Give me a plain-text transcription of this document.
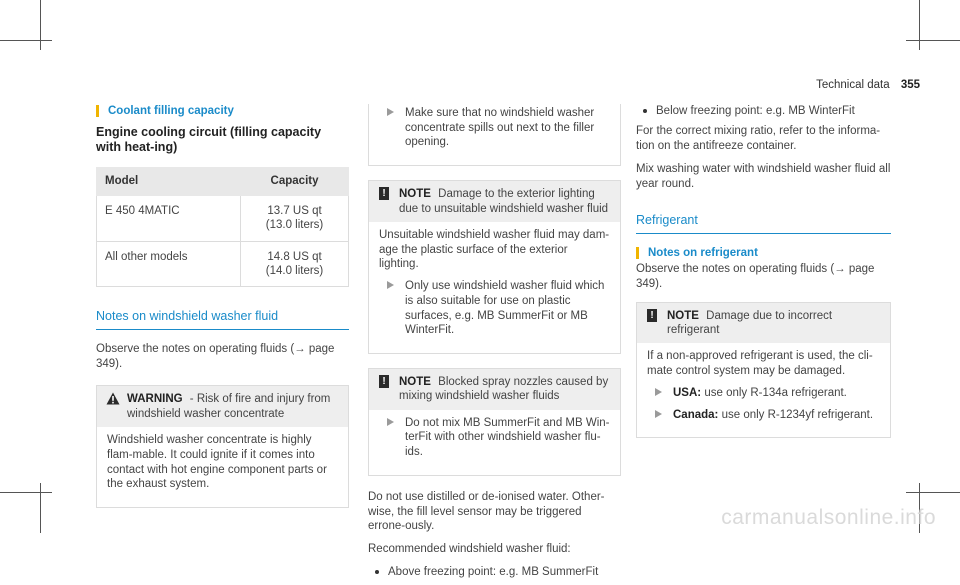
Technical data 355
Coolant filling capacity
Engine cooling circuit (filling capacity with heat-ing)
Model	Capacity
E 450 4MATIC	13.7 US qt
(13.0 liters)

All other models	14.8 US qt
(14.0 liters)
Notes on windshield washer fluid

Observe the notes on operating fluids (→ page 349).

WARNING - Risk of fire and injury from windshield washer concentrate

Windshield washer concentrate is highly flam-mable. It could ignite if it comes into contact with hot engine component parts or the exhaust system.

Make sure that no windshield washer concentrate spills out next to the filler opening.
! NOTE Damage to the exterior lighting due to unsuitable windshield washer fluid

Unsuitable windshield washer fluid may dam-age the plastic surface of the exterior lighting.

Only use windshield washer fluid which is also suitable for use on plastic surfaces, e.g. MB SummerFit or MB WinterFit.
! NOTE Blocked spray nozzles caused by mixing windshield washer fluids
Do not mix MB SummerFit and MB Win-terFit with other windshield washer flu-ids.

Do not use distilled or de-ionised water. Other-wise, the fill level sensor may be triggered errone-ously.

Recommended windshield washer fluid:

Above freezing point: e.g. MB SummerFit
Below freezing point: e.g. MB WinterFit

For the correct mixing ratio, refer to the informa-tion on the antifreeze container.

Mix washing water with windshield washer fluid all year round.

Refrigerant
Notes on refrigerant

Observe the notes on operating fluids (→ page 349).

! NOTE Damage due to incorrect refrigerant

If a non-approved refrigerant is used, the cli-mate control system may be damaged.

USA: use only R-134a refrigerant.
Canada: use only R-1234yf refrigerant.
carmanualsonline.info
